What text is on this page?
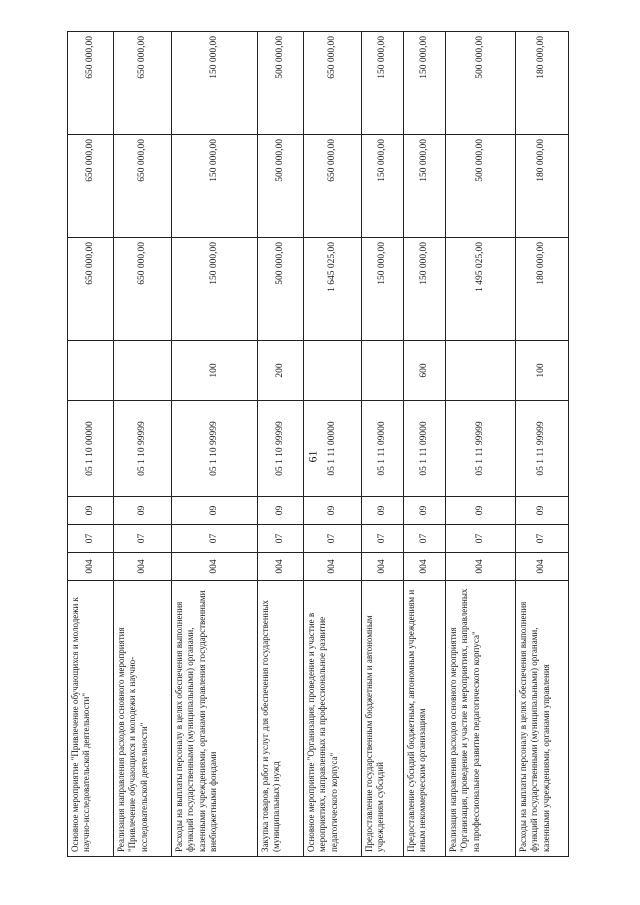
61
Основное мероприятие "Привлечение обучающихся и молодежи к научно-исследовательской деятельности"	004	07	09	05 1 10 00000		650 000,00	650 000,00	650 000,00
Реализация направления расходов основного мероприятия "Привлечение обучающихся и молодежи к научно-исследовательской деятельности"	004	07	09	05 1 10 99999		650 000,00	650 000,00	650 000,00
Расходы на выплаты персоналу в целях обеспечения выполнения функций государственными (муниципальными) органами, казенными учреждениями, органами управления государственными внебюджетными фондами	004	07	09	05 1 10 99999	100	150 000,00	150 000,00	150 000,00
Закупка товаров, работ и услуг для обеспечения государственных (муниципальных) нужд	004	07	09	05 1 10 99999	200	500 000,00	500 000,00	500 000,00
Основное мероприятие "Организация, проведение и участие в мероприятиях, направленных на профессиональное развитие педагогического корпуса"	004	07	09	05 1 11 00000		1 645 025,00	650 000,00	650 000,00
Предоставление государственным бюджетным и автономным учреждениям субсидий	004	07	09	05 1 11 09000		150 000,00	150 000,00	150 000,00
Предоставление субсидий бюджетным, автономным учреждениям и иным некоммерческим организациям	004	07	09	05 1 11 09000	600	150 000,00	150 000,00	150 000,00
Реализация направления расходов основного мероприятия "Организация, проведение и участие в мероприятиях, направленных на профессиональное развитие педагогического корпуса"	004	07	09	05 1 11 99999		1 495 025,00	500 000,00	500 000,00
Расходы на выплаты персоналу в целях обеспечения выполнения функций государственными (муниципальными) органами, казенными учреждениями, органами управления	004	07	09	05 1 11 99999	100	180 000,00	180 000,00	180 000,00
